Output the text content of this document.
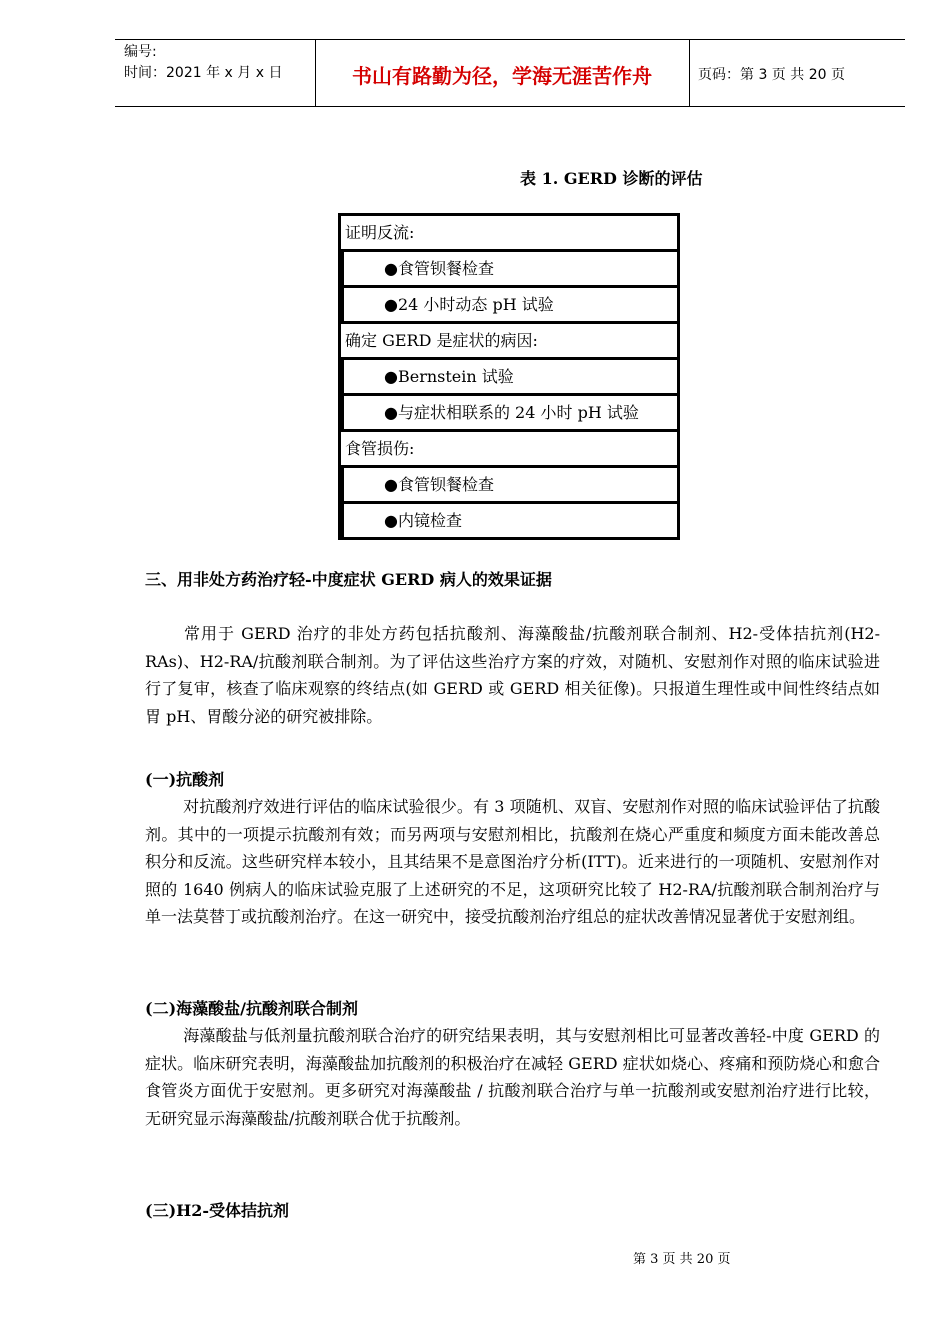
编号:
时间：2021 年 x 月 x 日	书山有路勤为径，学海无涯苦作舟	页码：第 3 页 共 20 页
表 1. GERD 诊断的评估
证明反流:

●食管钡餐检查

●24 小时动态 pH 试验

确定 GERD 是症状的病因:

●Bernstein 试验

●与症状相联系的 24 小时 pH 试验

食管损伤:

●食管钡餐检查

●内镜检查
三、用非处方药治疗轻-中度症状 GERD 病人的效果证据
常用于 GERD 治疗的非处方药包括抗酸剂、海藻酸盐/抗酸剂联合制剂、H2-受体拮抗剂(H2-RAs)、H2-RA/抗酸剂联合制剂。为了评估这些治疗方案的疗效，对随机、安慰剂作对照的临床试验进行了复审，核查了临床观察的终结点(如 GERD 或 GERD 相关征像)。只报道生理性或中间性终结点如胃 pH、胃酸分泌的研究被排除。
(一)抗酸剂
对抗酸剂疗效进行评估的临床试验很少。有 3 项随机、双盲、安慰剂作对照的临床试验评估了抗酸剂。其中的一项提示抗酸剂有效；而另两项与安慰剂相比，抗酸剂在烧心严重度和频度方面未能改善总积分和反流。这些研究样本较小，且其结果不是意图治疗分析(ITT)。近来进行的一项随机、安慰剂作对照的 1640 例病人的临床试验克服了上述研究的不足，这项研究比较了 H2-RA/抗酸剂联合制剂治疗与单一法莫替丁或抗酸剂治疗。在这一研究中，接受抗酸剂治疗组总的症状改善情况显著优于安慰剂组。
(二)海藻酸盐/抗酸剂联合制剂
海藻酸盐与低剂量抗酸剂联合治疗的研究结果表明，其与安慰剂相比可显著改善轻-中度 GERD 的症状。临床研究表明，海藻酸盐加抗酸剂的积极治疗在减轻 GERD 症状如烧心、疼痛和预防烧心和愈合食管炎方面优于安慰剂。更多研究对海藻酸盐 / 抗酸剂联合治疗与单一抗酸剂或安慰剂治疗进行比较，无研究显示海藻酸盐/抗酸剂联合优于抗酸剂。
(三)H2-受体拮抗剂
第 3 页 共 20 页
